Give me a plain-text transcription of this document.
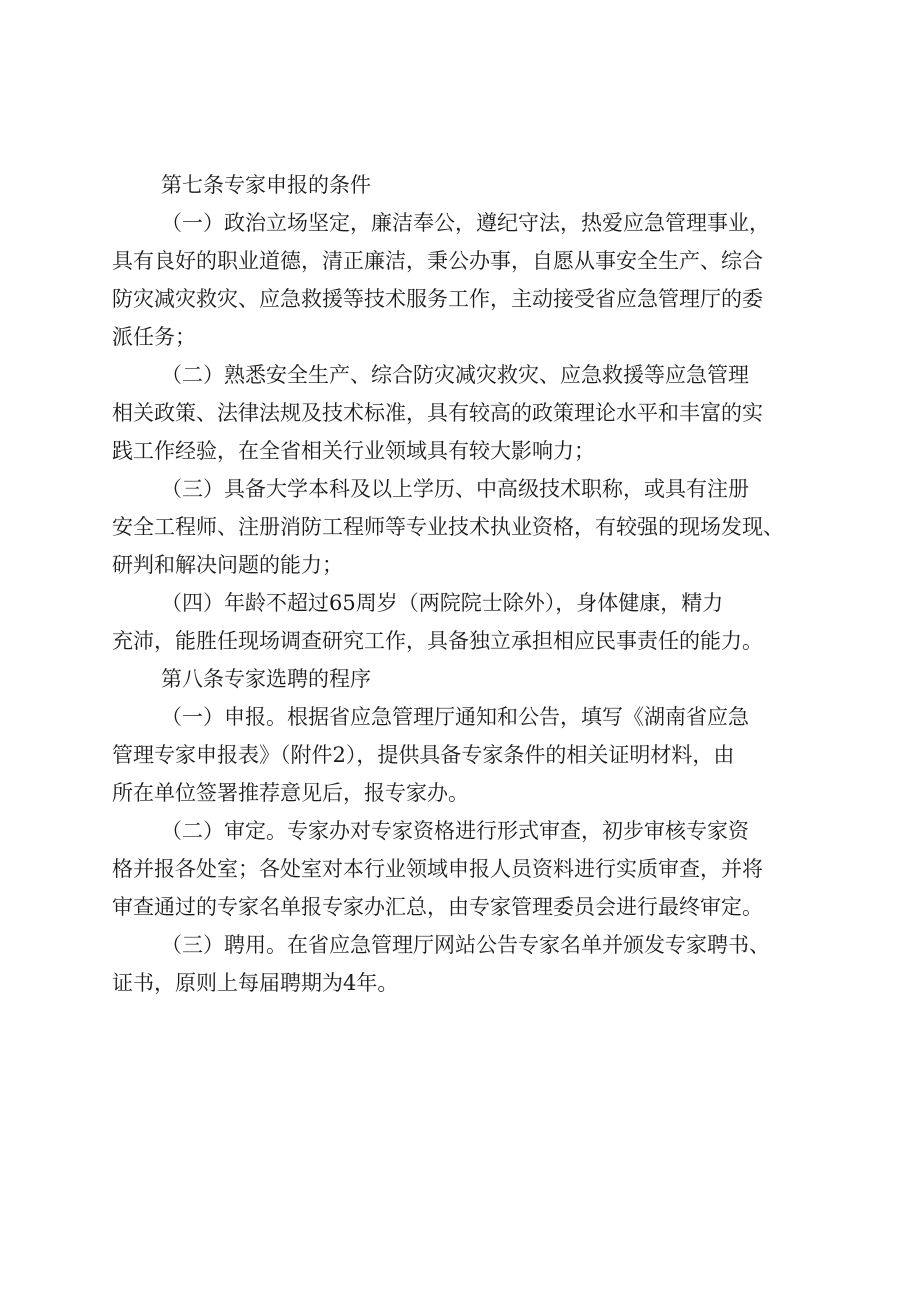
第七条专家申报的条件
（一）政治立场坚定，廉洁奉公，遵纪守法，热爱应急管理事业，
具有良好的职业道德，清正廉洁，秉公办事，自愿从事安全生产、综合
防灾减灾救灾、应急救援等技术服务工作，主动接受省应急管理厅的委
派任务；
（二）熟悉安全生产、综合防灾减灾救灾、应急救援等应急管理
相关政策、法律法规及技术标准，具有较高的政策理论水平和丰富的实
践工作经验，在全省相关行业领域具有较大影响力；
（三）具备大学本科及以上学历、中高级技术职称，或具有注册
安全工程师、注册消防工程师等专业技术执业资格，有较强的现场发现、
研判和解决问题的能力；
（四）年龄不超过65周岁（两院院士除外），身体健康，精力
充沛，能胜任现场调查研究工作，具备独立承担相应民事责任的能力。
第八条专家选聘的程序
（一）申报。根据省应急管理厅通知和公告，填写《湖南省应急
管理专家申报表》（附件2），提供具备专家条件的相关证明材料，由
所在单位签署推荐意见后，报专家办。
（二）审定。专家办对专家资格进行形式审查，初步审核专家资
格并报各处室；各处室对本行业领域申报人员资料进行实质审查，并将
审查通过的专家名单报专家办汇总，由专家管理委员会进行最终审定。
（三）聘用。在省应急管理厅网站公告专家名单并颁发专家聘书、
证书，原则上每届聘期为4年。
